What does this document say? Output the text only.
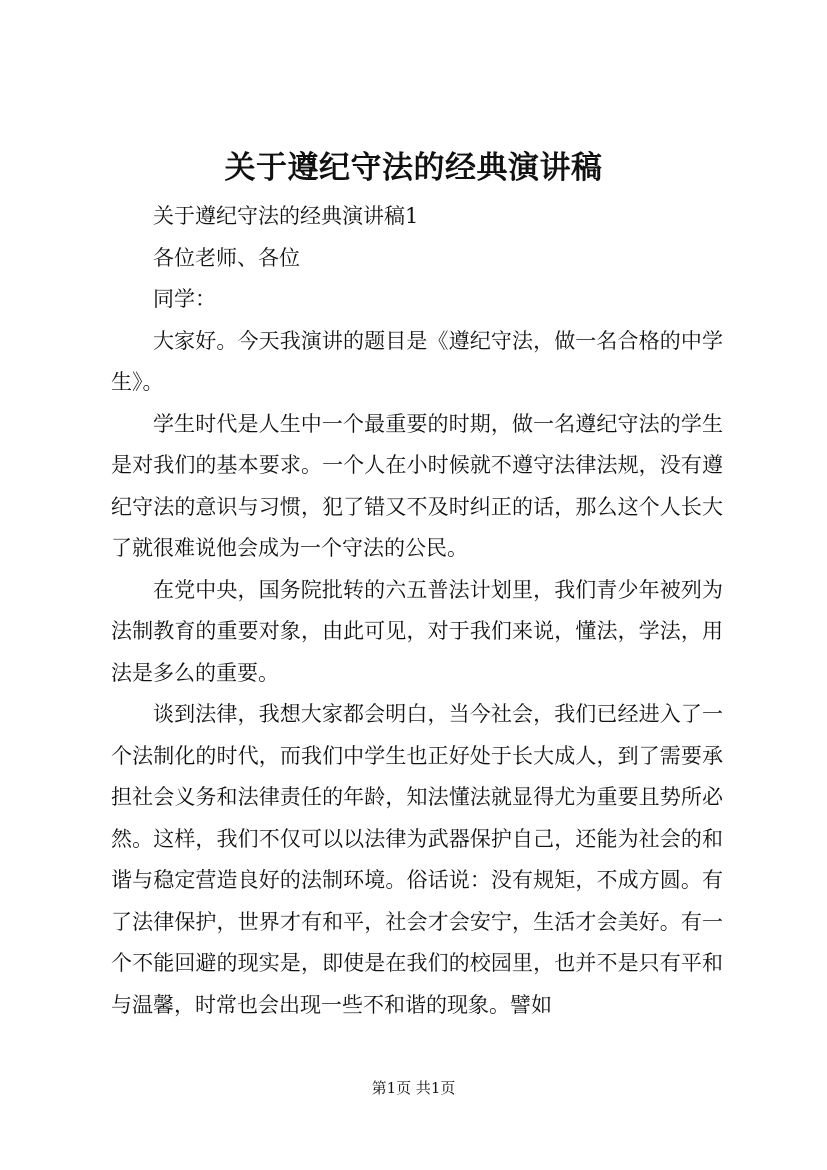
关于遵纪守法的经典演讲稿

关于遵纪守法的经典演讲稿1

各位老师、各位

同学：

大家好。今天我演讲的题目是《遵纪守法，做一名合格的中学生》。

学生时代是人生中一个最重要的时期，做一名遵纪守法的学生是对我们的基本要求。一个人在小时候就不遵守法律法规，没有遵纪守法的意识与习惯，犯了错又不及时纠正的话，那么这个人长大了就很难说他会成为一个守法的公民。

在党中央，国务院批转的六五普法计划里，我们青少年被列为法制教育的重要对象，由此可见，对于我们来说，懂法，学法，用法是多么的重要。

谈到法律，我想大家都会明白，当今社会，我们已经进入了一个法制化的时代，而我们中学生也正好处于长大成人，到了需要承担社会义务和法律责任的年龄，知法懂法就显得尤为重要且势所必然。这样，我们不仅可以以法律为武器保护自己，还能为社会的和谐与稳定营造良好的法制环境。俗话说：没有规矩，不成方圆。有了法律保护，世界才有和平，社会才会安宁，生活才会美好。有一个不能回避的现实是，即使是在我们的校园里，也并不是只有平和与温馨，时常也会出现一些不和谐的现象。譬如

第1页 共1页
